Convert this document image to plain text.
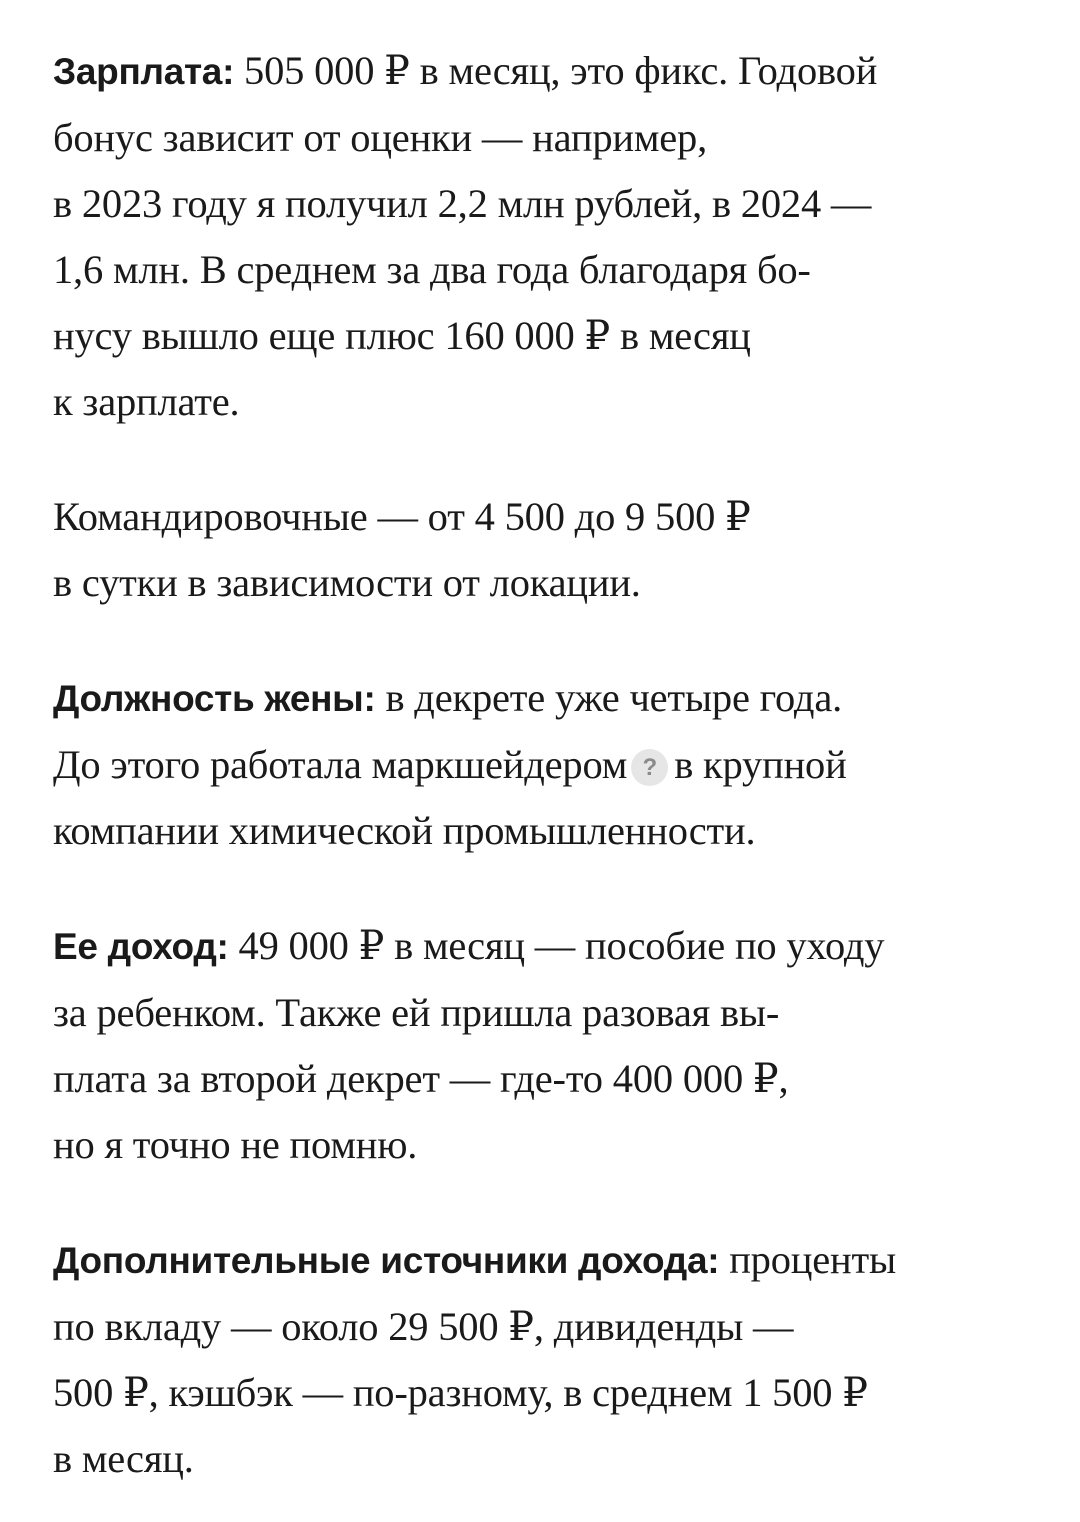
Зарплата: 505 000 ₽ в месяц, это фикс. Годовой
бонус зависит от оценки — например,
в 2023 году я получил 2,2 млн рублей, в 2024 —
1,6 млн. В среднем за два года благодаря бо-
нусу вышло еще плюс 160 000 ₽ в месяц
к зарплате.

Командировочные — от 4 500 до 9 500 ₽
в сутки в зависимости от локации.

Должность жены: в декрете уже четыре года.
До этого работала маркшейдером ? в крупной
компании химической промышленности.

Ее доход: 49 000 ₽ в месяц — пособие по уходу
за ребенком. Также ей пришла разовая вы-
плата за второй декрет — где-то 400 000 ₽,
но я точно не помню.

Дополнительные источники дохода: проценты
по вкладу — около 29 500 ₽, дивиденды —
500 ₽, кэшбэк — по-разному, в среднем 1 500 ₽
в месяц.
